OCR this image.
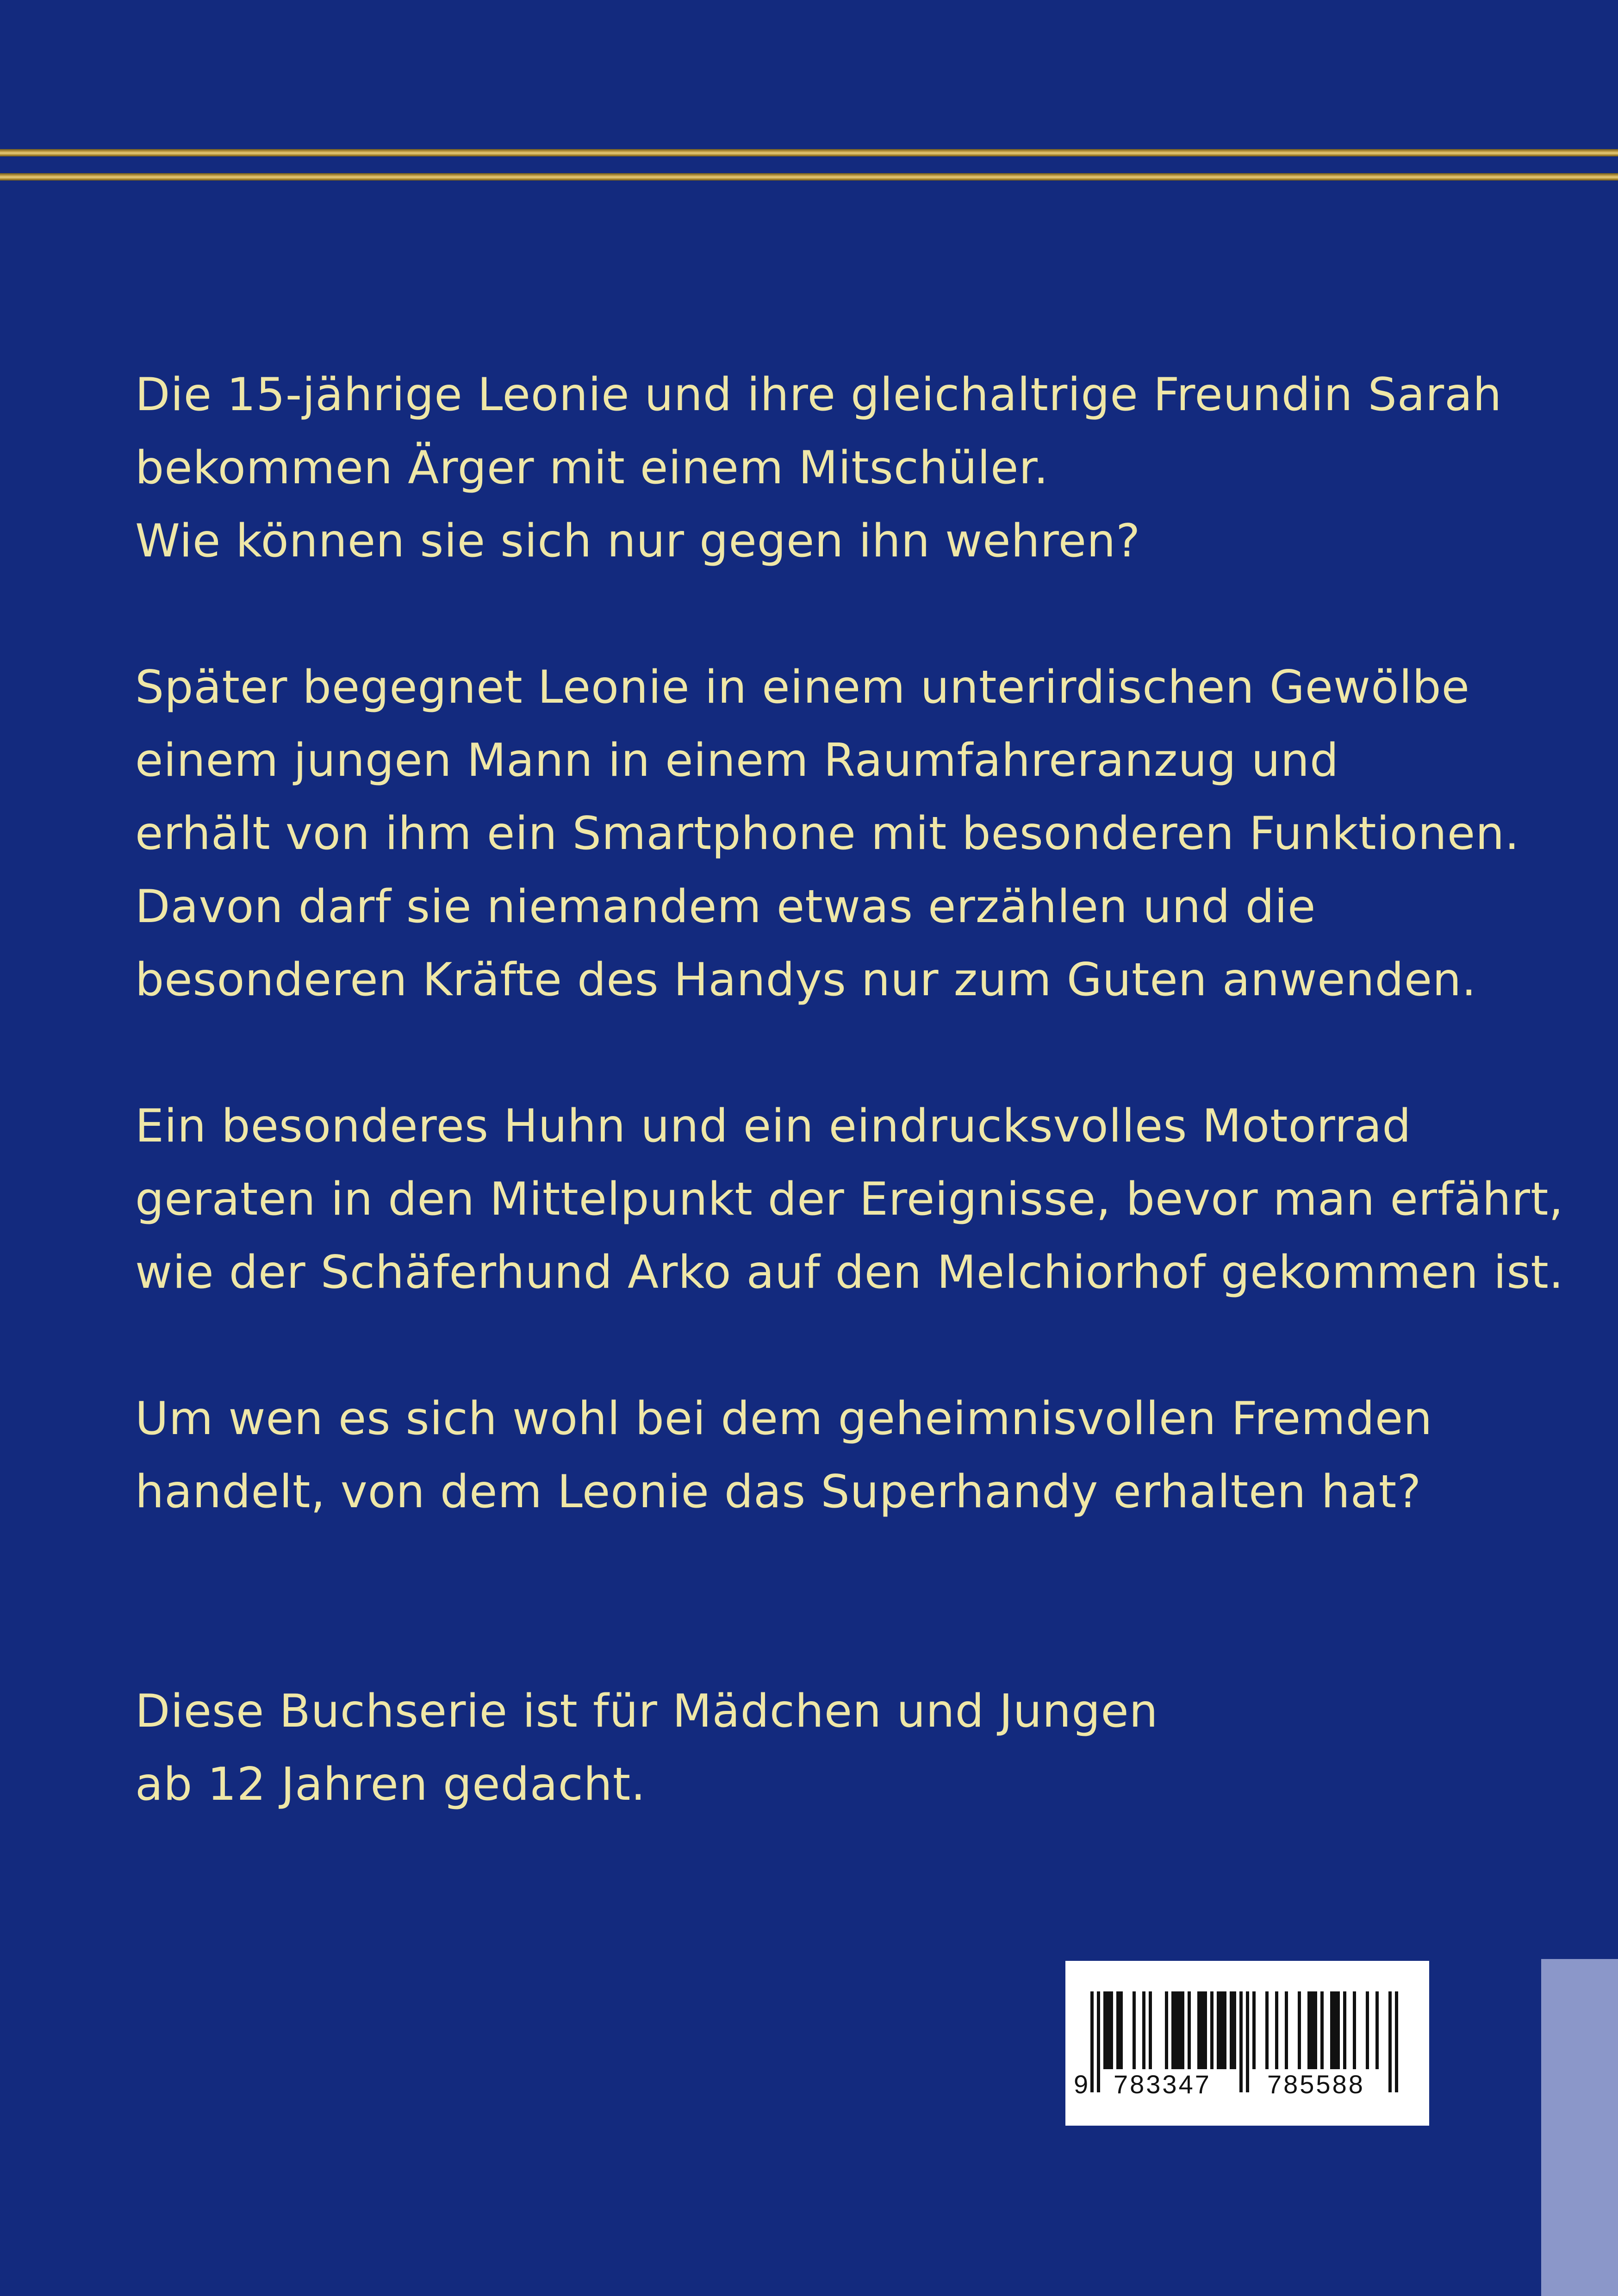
Die 15-jährige Leonie und ihre gleichaltrige Freundin Sarah
bekommen Ärger mit einem Mitschüler.
Wie können sie sich nur gegen ihn wehren?

Später begegnet Leonie in einem unterirdischen Gewölbe
einem jungen Mann in einem Raumfahreranzug und
erhält von ihm ein Smartphone mit besonderen Funktionen.
Davon darf sie niemandem etwas erzählen und die
besonderen Kräfte des Handys nur zum Guten anwenden.

Ein besonderes Huhn und ein eindrucksvolles Motorrad
geraten in den Mittelpunkt der Ereignisse, bevor man erfährt,
wie der Schäferhund Arko auf den Melchiorhof gekommen ist.

Um wen es sich wohl bei dem geheimnisvollen Fremden
handelt, von dem Leonie das Superhandy erhalten hat?

Diese Buchserie ist für Mädchen und Jungen
ab 12 Jahren gedacht.

9 783347 785588
